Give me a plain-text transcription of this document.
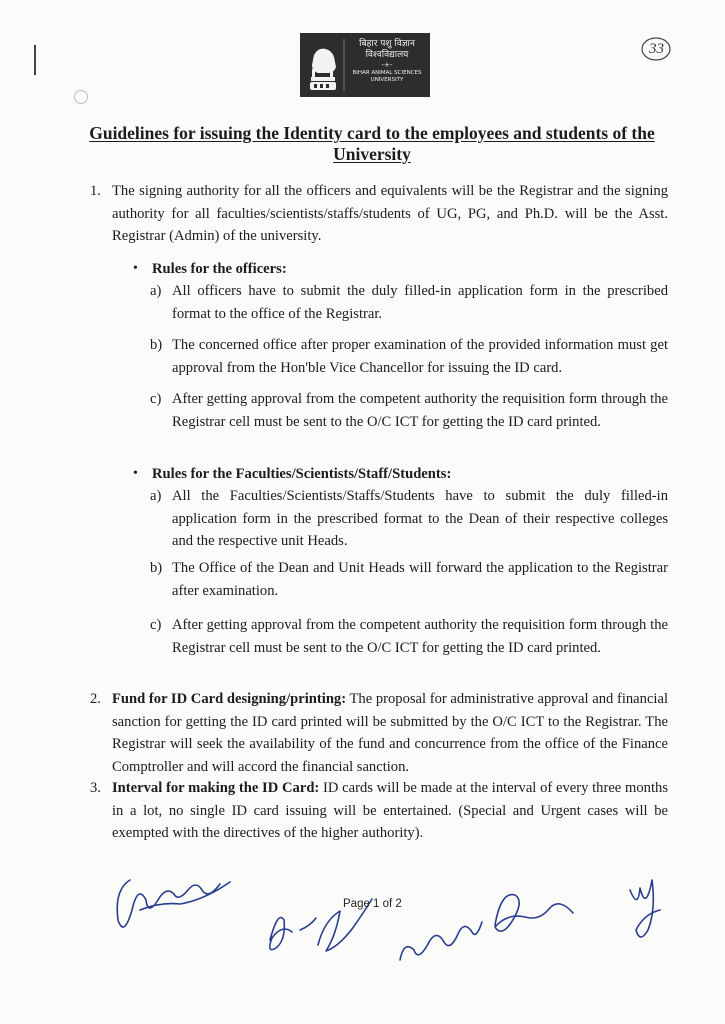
बिहार पशु विज्ञान
विश्वविद्यालय
-+-
BIHAR ANIMAL SCIENCES
UNIVERSITY
33
Guidelines for issuing the Identity card to the employees and students of the University
1. The signing authority for all the officers and equivalents will be the Registrar and the signing authority for all faculties/scientists/staffs/students of UG, PG, and Ph.D. will be the Asst. Registrar (Admin) of the university.
• Rules for the officers:
a) All officers have to submit the duly filled-in application form in the prescribed format to the office of the Registrar.
b) The concerned office after proper examination of the provided information must get approval from the Hon'ble Vice Chancellor for issuing the ID card.
c) After getting approval from the competent authority the requisition form through the Registrar cell must be sent to the O/C ICT for getting the ID card printed.
• Rules for the Faculties/Scientists/Staff/Students:
a) All the Faculties/Scientists/Staffs/Students have to submit the duly filled-in application form in the prescribed format to the Dean of their respective colleges and the respective unit Heads.
b) The Office of the Dean and Unit Heads will forward the application to the Registrar after examination.
c) After getting approval from the competent authority the requisition form through the Registrar cell must be sent to the O/C ICT for getting the ID card printed.
2. Fund for ID Card designing/printing: The proposal for administrative approval and financial sanction for getting the ID card printed will be submitted by the O/C ICT to the Registrar. The Registrar will seek the availability of the fund and concurrence from the office of the Finance Comptroller and will accord the financial sanction.
3. Interval for making the ID Card: ID cards will be made at the interval of every three months in a lot, no single ID card issuing will be entertained. (Special and Urgent cases will be exempted with the directives of the higher authority).
Page 1 of 2
